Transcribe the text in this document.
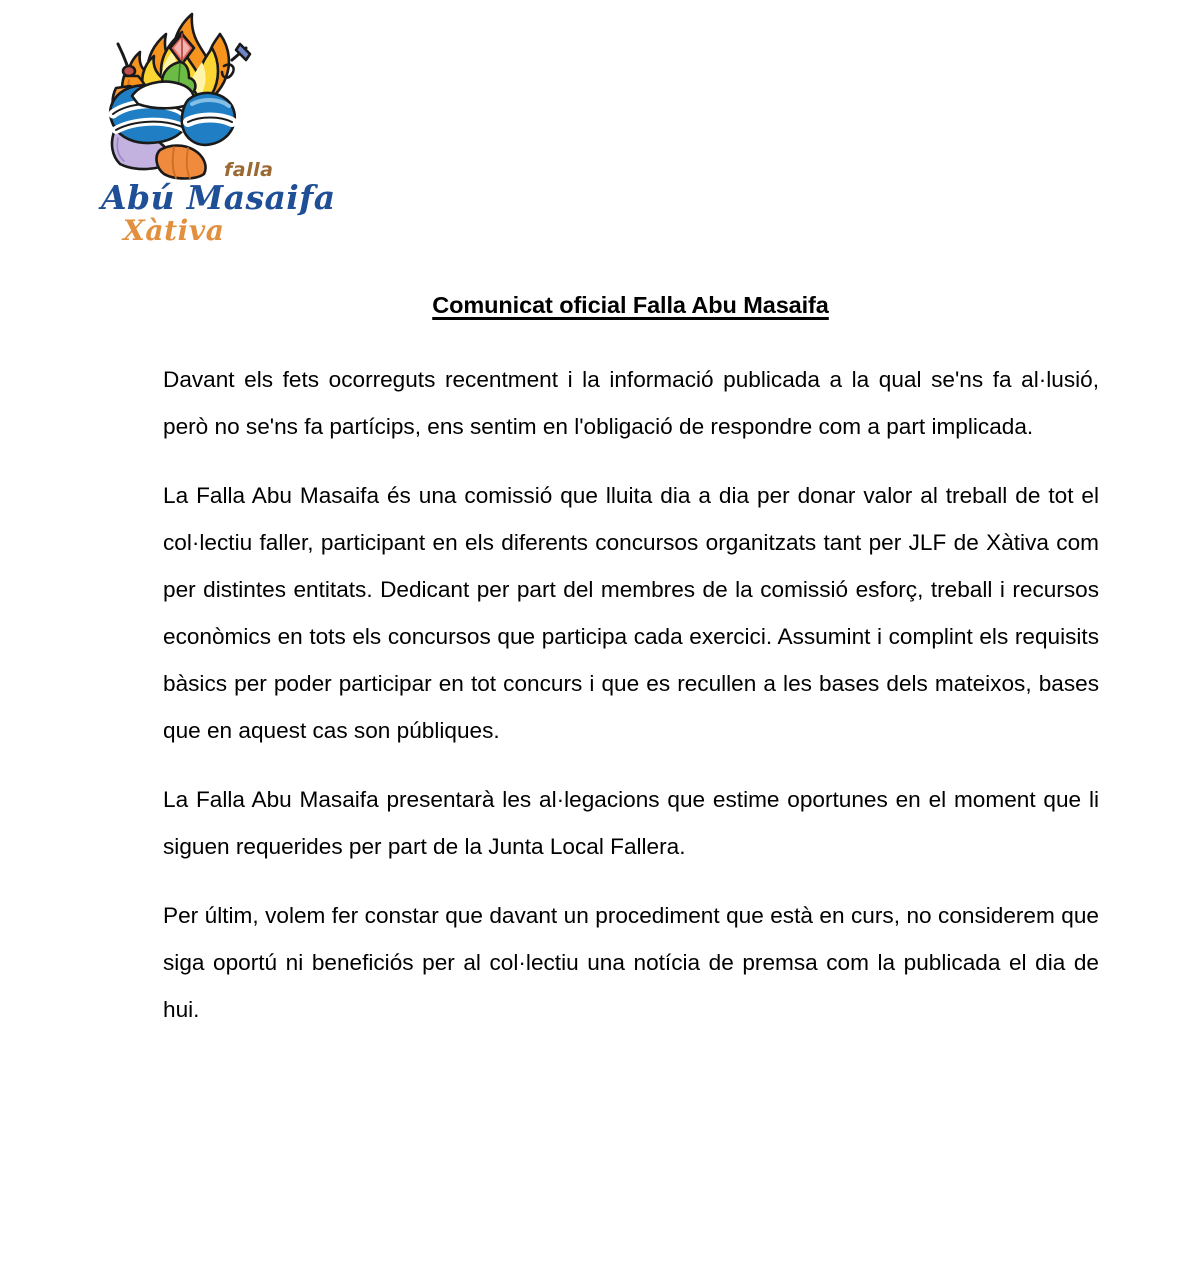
falla
Abú Masaifa
Xàtiva
Comunicat oficial Falla Abu Masaifa

Davant els fets ocorreguts recentment i la informació publicada a la qual se'ns fa al·lusió, però no se'ns fa partícips, ens sentim en l'obligació de respondre com a part implicada.

La Falla Abu Masaifa és una comissió que lluita dia a dia per donar valor al treball de tot el col·lectiu faller, participant en els diferents concursos organitzats tant per JLF de Xàtiva com per distintes entitats. Dedicant per part del membres de la comissió esforç, treball i recursos econòmics en tots els concursos que participa cada exercici. Assumint i complint els requisits bàsics per poder participar en tot concurs i que es recullen a les bases dels mateixos, bases que en aquest cas son públiques.

La Falla Abu Masaifa presentarà les al·legacions que estime oportunes en el moment que li siguen requerides per part de la Junta Local Fallera.

Per últim, volem fer constar que davant un procediment que està en curs, no considerem que siga oportú ni beneficiós per al col·lectiu una notícia de premsa com la publicada el dia de hui.
